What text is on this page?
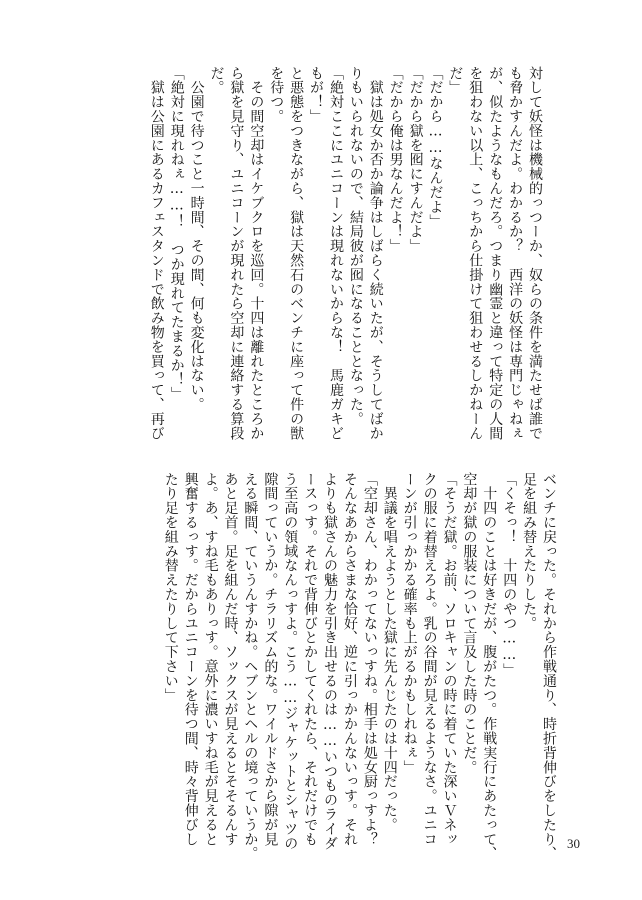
対して妖怪は機械的っつーか、奴らの条件を満たせば誰で
も脅かすんだよ。わかるか？　西洋の妖怪は専門じゃねぇ
が、似たようなもんだろ。つまり幽霊と違って特定の人間
を狙わない以上、こっちから仕掛けて狙わせるしかねーん
だ」
「だから……なんだよ」
「だから獄を囮にすんだよ」
「だから俺は男なんだよ！」
　獄は処女か否か論争はしばらく続いたが、そうしてばか
りもいられないので、結局彼が囮になることとなった。
「絶対ここにユニコーンは現れないからな！　馬鹿ガキど
もが！」
と悪態をつきながら、獄は天然石のベンチに座って件の獣
を待つ。
　その間空却はイケブクロを巡回。十四は離れたところか
ら獄を見守り、ユニコーンが現れたら空却に連絡する算段
だ。
　公園で待つこと一時間、その間、何も変化はない。
「絶対に現れねぇ……！　つか現れてたまるか！」
　獄は公園にあるカフェスタンドで飲み物を買って、再び
ベンチに戻った。それから作戦通り、時折背伸びをしたり、
足を組み替えたりした。
「くそっ！　十四のやつ……」
　十四のことは好きだが、腹がたつ。作戦実行にあたって、
空却が獄の服装について言及した時のことだ。
「そうだ獄。お前、ソロキャンの時に着ていた深いＶネッ
クの服に着替えろよ。乳の谷間が見えるようなさ。ユニコ
ーンが引っかかる確率も上がるかもしれねぇ」
　異議を唱えようとした獄に先んじたのは十四だった。
「空却さん、わかってないっすね。相手は処女厨っすよ？
そんなあからさまな恰好、逆に引っかかんないっす。それ
よりも獄さんの魅力を引き出せるのは……いつものライダ
ースっす。それで背伸びとかしてくれたら、それだけでも
う至高の領域なんっすよ。こう……ジャケットとシャツの
隙間っていうか。チラリズム的な。ワイルドさから隙が見
える瞬間、ていうんすかね。ヘブンとヘルの境っていうか。
あと足首。足を組んだ時、ソックスが見えるとそそるんす
よ。あ、すね毛もありっす。意外に濃いすね毛が見えると
興奮するっす。だからユニコーンを待つ間、時々背伸びし
たり足を組み替えたりして下さい」
30
